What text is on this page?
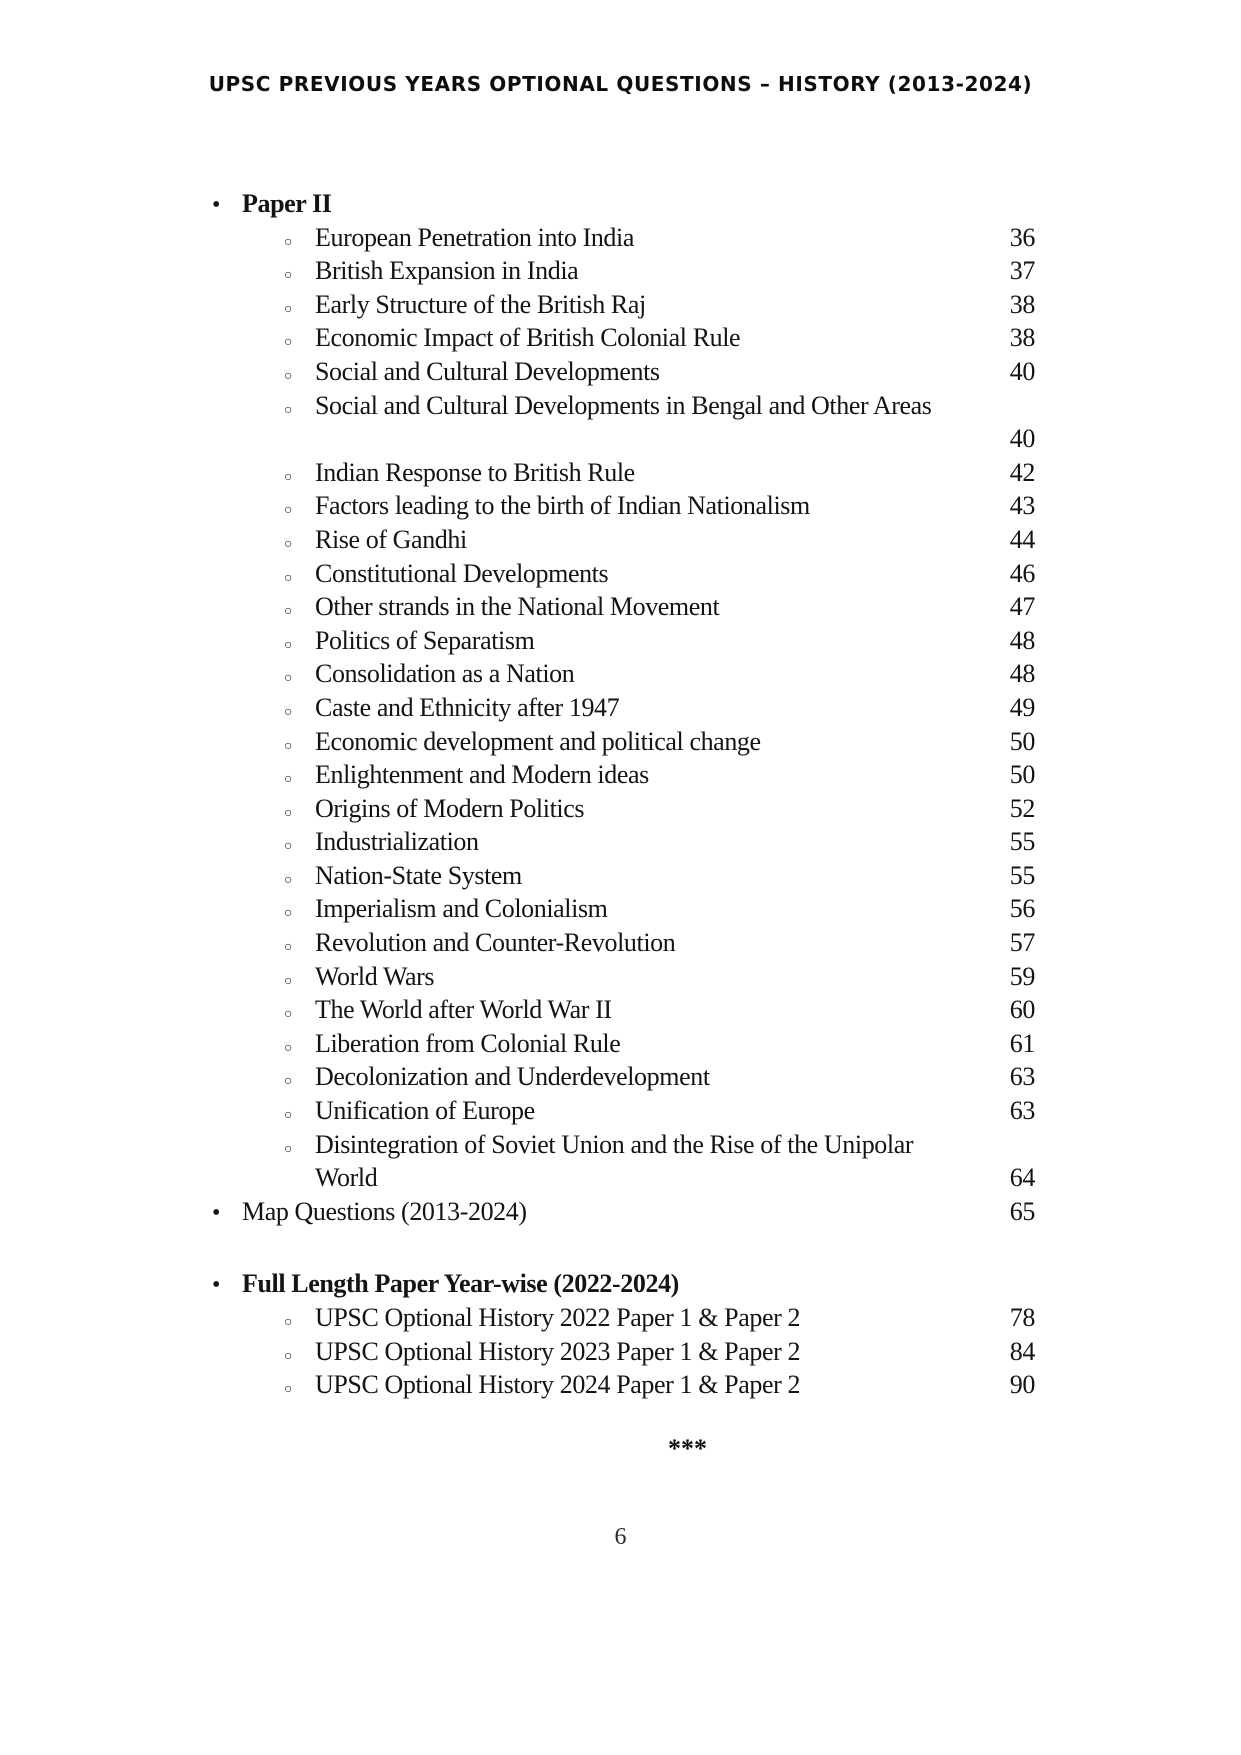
UPSC PREVIOUS YEARS OPTIONAL QUESTIONS – HISTORY (2013-2024)
• Paper II
○ European Penetration into India	36
○ British Expansion in India	37
○ Early Structure of the British Raj	38
○ Economic Impact of British Colonial Rule	38
○ Social and Cultural Developments	40
○ Social and Cultural Developments in Bengal and Other Areas
40
○ Indian Response to British Rule	42
○ Factors leading to the birth of Indian Nationalism	43
○ Rise of Gandhi	44
○ Constitutional Developments	46
○ Other strands in the National Movement	47
○ Politics of Separatism	48
○ Consolidation as a Nation	48
○ Caste and Ethnicity after 1947	49
○ Economic development and political change	50
○ Enlightenment and Modern ideas	50
○ Origins of Modern Politics	52
○ Industrialization	55
○ Nation-State System	55
○ Imperialism and Colonialism	56
○ Revolution and Counter-Revolution	57
○ World Wars	59
○ The World after World War II	60
○ Liberation from Colonial Rule	61
○ Decolonization and Underdevelopment	63
○ Unification of Europe	63
○ Disintegration of Soviet Union and the Rise of the Unipolar
World	64
• Map Questions (2013-2024)	65
• Full Length Paper Year-wise (2022-2024)
○ UPSC Optional History 2022 Paper 1 & Paper 2	78
○ UPSC Optional History 2023 Paper 1 & Paper 2	84
○ UPSC Optional History 2024 Paper 1 & Paper 2	90
***
6
